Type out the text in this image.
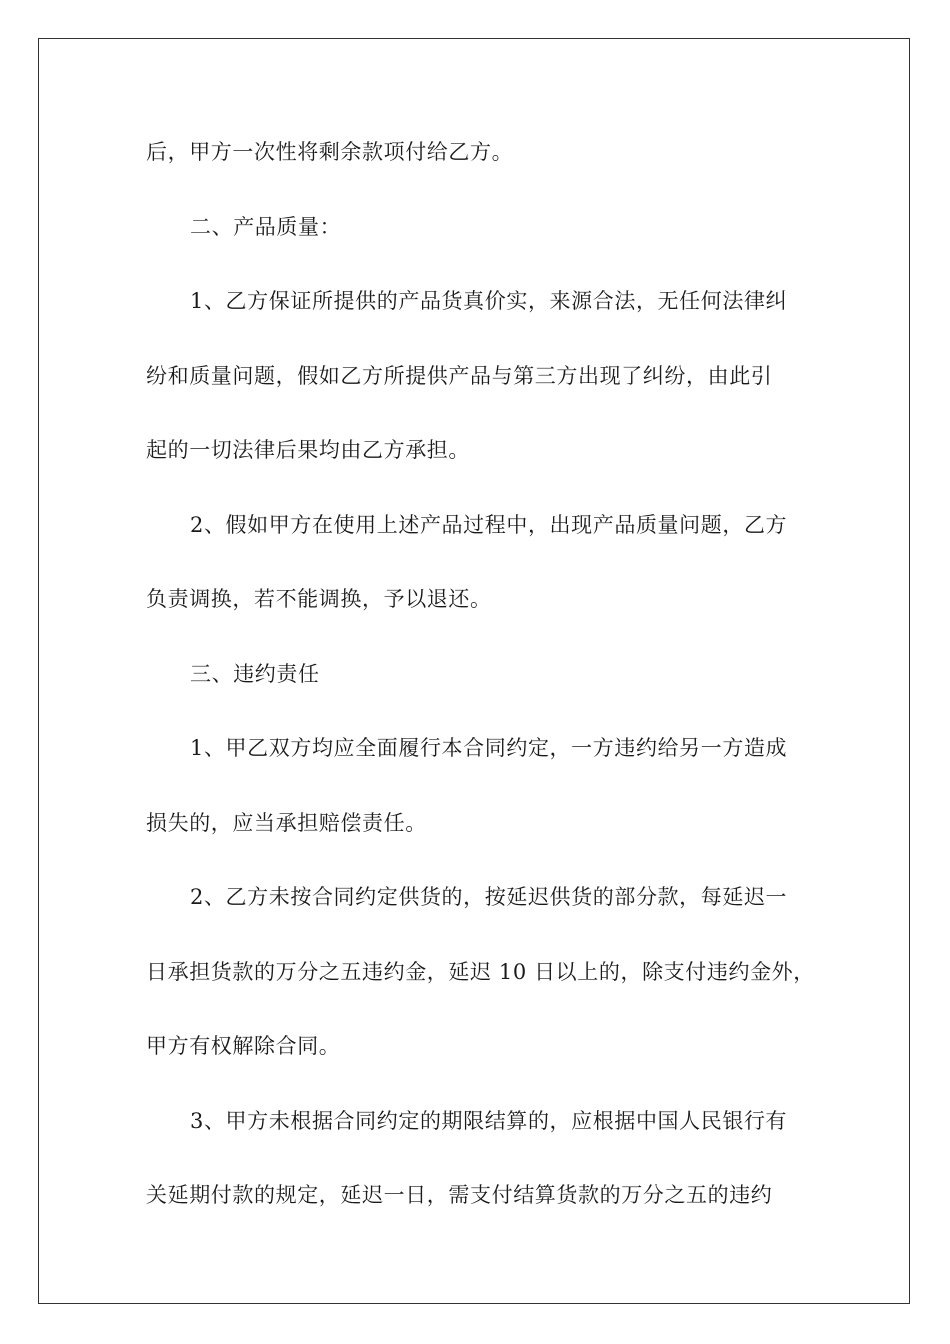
后，甲方一次性将剩余款项付给乙方。
二、产品质量：
1、乙方保证所提供的产品货真价实，来源合法，无任何法律纠
纷和质量问题，假如乙方所提供产品与第三方出现了纠纷，由此引
起的一切法律后果均由乙方承担。
2、假如甲方在使用上述产品过程中，出现产品质量问题，乙方
负责调换，若不能调换，予以退还。
三、违约责任
1、甲乙双方均应全面履行本合同约定，一方违约给另一方造成
损失的，应当承担赔偿责任。
2、乙方未按合同约定供货的，按延迟供货的部分款，每延迟一
日承担货款的万分之五违约金，延迟 10 日以上的，除支付违约金外，
甲方有权解除合同。
3、甲方未根据合同约定的期限结算的，应根据中国人民银行有
关延期付款的规定，延迟一日，需支付结算货款的万分之五的违约
